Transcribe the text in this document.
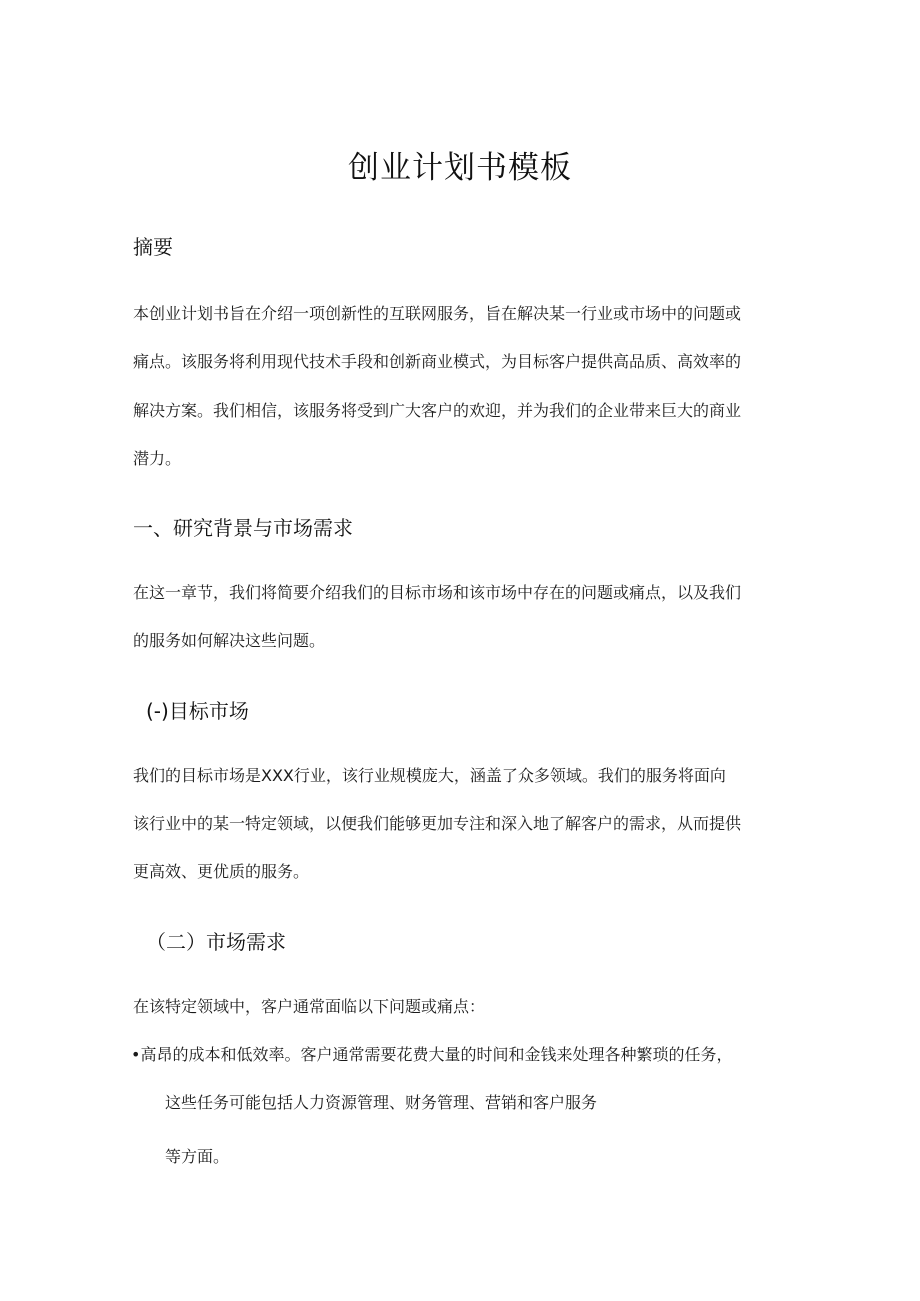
创业计划书模板
摘要
本创业计划书旨在介绍一项创新性的互联网服务，旨在解决某一行业或市场中的问题或
痛点。该服务将利用现代技术手段和创新商业模式，为目标客户提供高品质、高效率的
解决方案。我们相信，该服务将受到广大客户的欢迎，并为我们的企业带来巨大的商业
潜力。
一、研究背景与市场需求
在这一章节，我们将简要介绍我们的目标市场和该市场中存在的问题或痛点，以及我们
的服务如何解决这些问题。
(-)目标市场
我们的目标市场是XXX行业，该行业规模庞大，涵盖了众多领域。我们的服务将面向
该行业中的某一特定领域，以便我们能够更加专注和深入地了解客户的需求，从而提供
更高效、更优质的服务。
（二）市场需求
在该特定领域中，客户通常面临以下问题或痛点：
•高昂的成本和低效率。客户通常需要花费大量的时间和金钱来处理各种繁琐的任务，
这些任务可能包括人力资源管理、财务管理、营销和客户服务
等方面。
